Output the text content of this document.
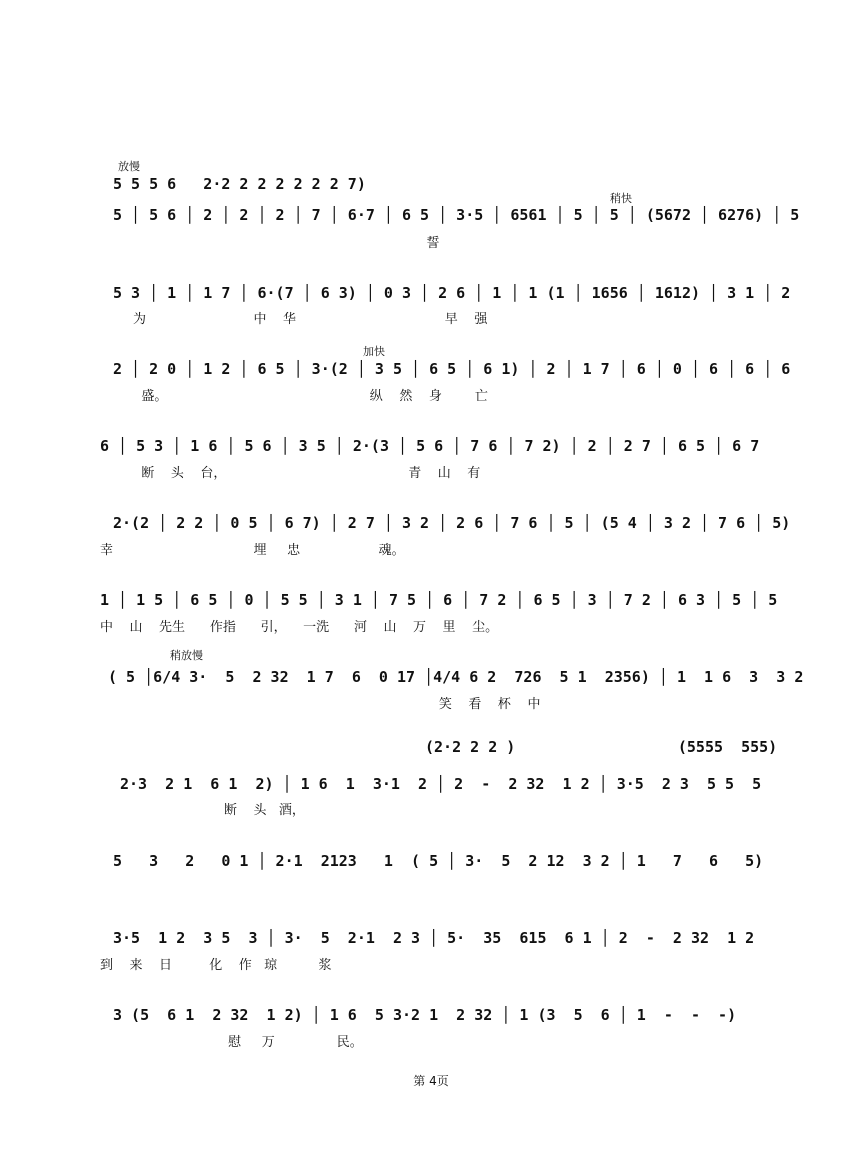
放慢
稍快
5 5 5 6   2·2 2 2 2 2 2 2 7)
5 │ 5 6 │ 2 │ 2 │ 2 │ 7 │ 6·7 │ 6 5 │ 3·5 │ 6561 │ 5 │ 5 │ (5672 │ 6276) │ 5
誓
5 3 │ 1 │ 1 7 │ 6·(7 │ 6 3) │ 0 3 │ 2 6 │ 1 │ 1 (1 │ 1656 │ 1612) │ 3 1 │ 2
为                          中    华                                    早    强
加快
2 │ 2 0 │ 1 2 │ 6 5 │ 3·(2 │ 3 5 │ 6 5 │ 6 1) │ 2 │ 1 7 │ 6 │ 0 │ 6 │ 6 │ 6
盛。                                                 纵    然    身        亡
6 │ 5 3 │ 1 6 │ 5 6 │ 3 5 │ 2·(3 │ 5 6 │ 7 6 │ 7 2) │ 2 │ 2 7 │ 6 5 │ 6 7
断    头    台，                                            青    山    有
2·(2 │ 2 2 │ 0 5 │ 6 7) │ 2 7 │ 3 2 │ 2 6 │ 7 6 │ 5 │ (5 4 │ 3 2 │ 7 6 │ 5)
幸                                  埋     忠                   魂。
1 │ 1 5 │ 6 5 │ 0 │ 5 5 │ 3 1 │ 7 5 │ 6 │ 7 2 │ 6 5 │ 3 │ 7 2 │ 6 3 │ 5 │ 5
中    山    先生      作指      引，    一洗      河    山    万    里    尘。
稍放慢
( 5 │6/4 3·  5  2 32  1 7  6  0 17 │4/4 6 2  726  5 1  2356) │ 1  1 6  3  3 2
笑    看    杯    中
(2·2 2 2 )                  (5555  555)
2·3  2 1  6 1  2) │ 1 6  1  3·1  2 │ 2  -  2 32  1 2 │ 3·5  2 3  5 5  5
断    头   酒，
5   3   2   0 1 │ 2·1  2123   1  ( 5 │ 3·  5  2 12  3 2 │ 1   7   6   5)
3·5  1 2  3 5  3 │ 3·  5  2·1  2 3 │ 5·  35  615  6 1 │ 2  -  2 32  1 2
到    来    日         化    作   琼          浆
3 (5  6 1  2 32  1 2) │ 1 6  5 3·2 1  2 32 │ 1 (3  5  6 │ 1  -  -  -)
慰     万               民。
第 4页
